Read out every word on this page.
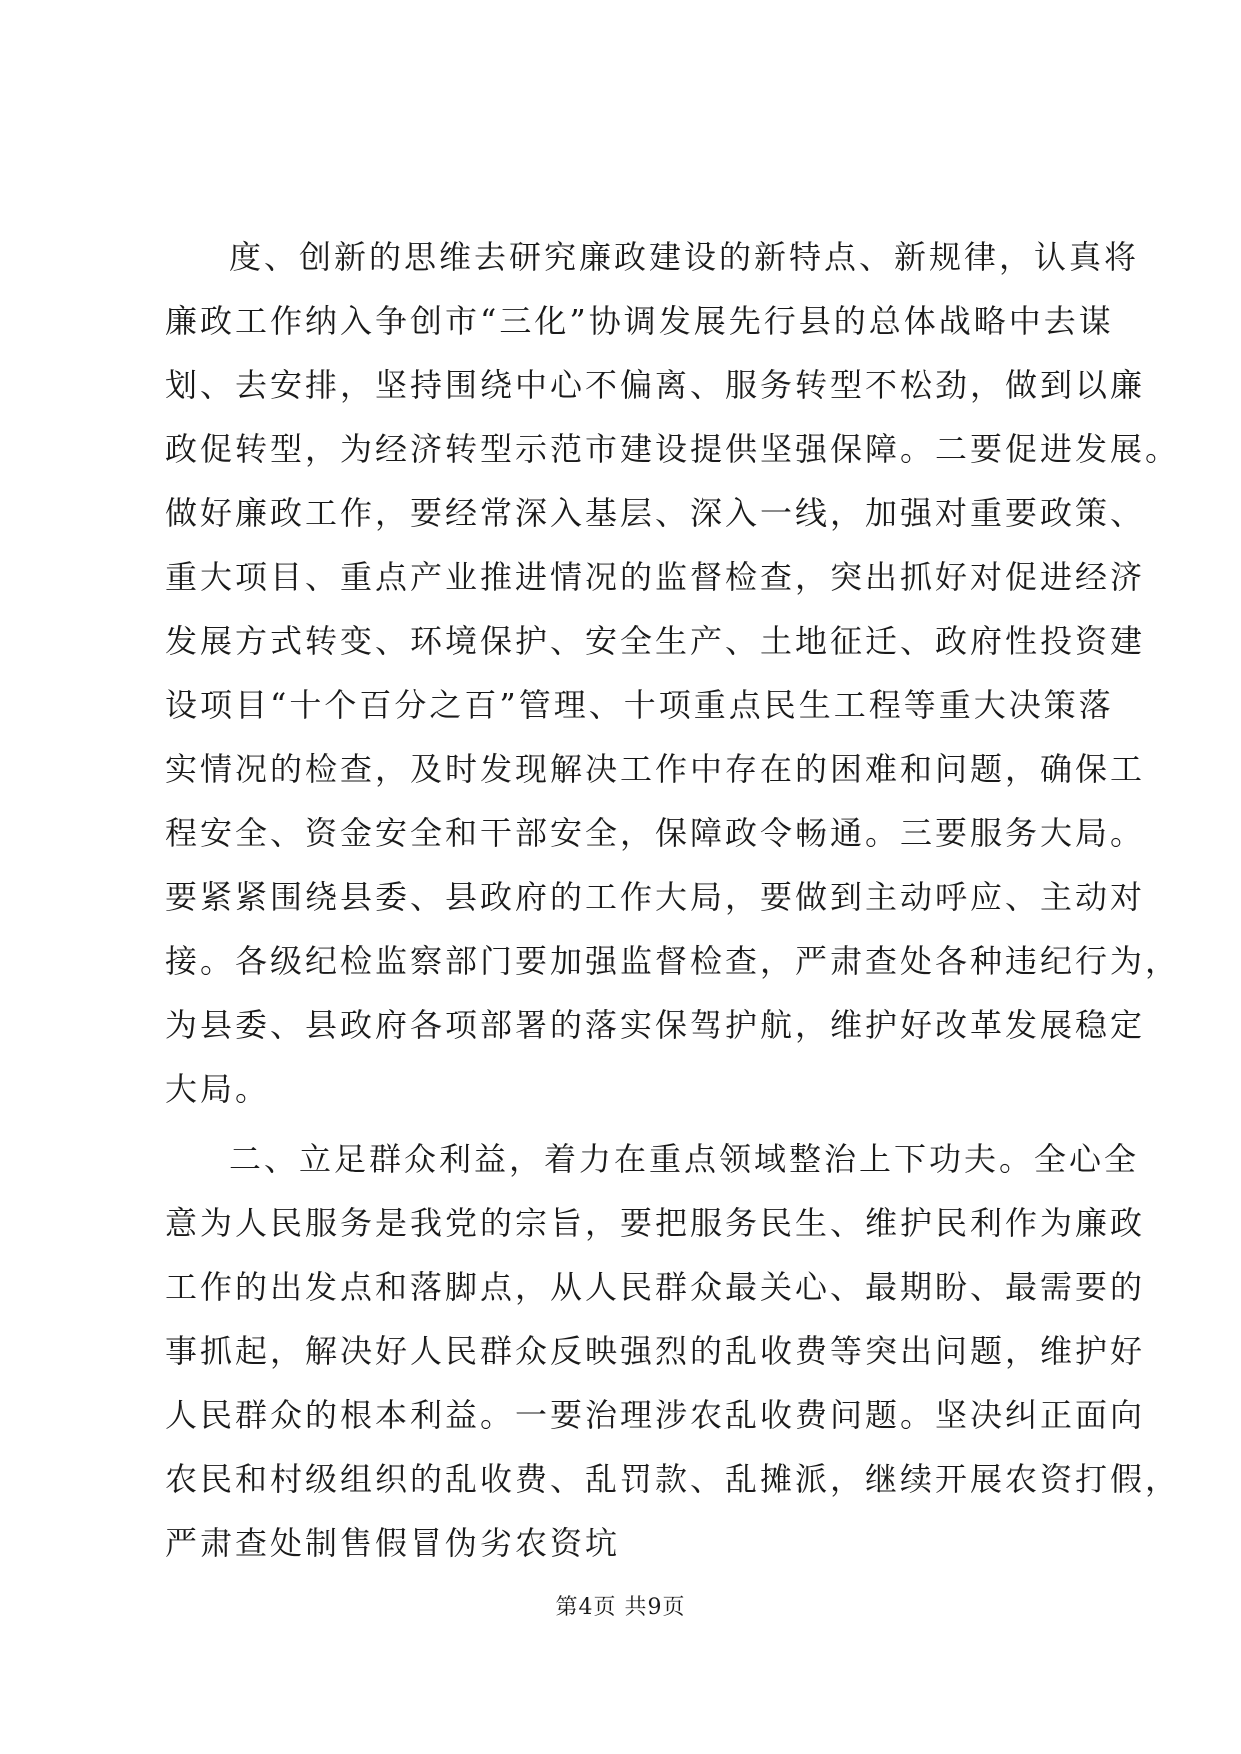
度、创新的思维去研究廉政建设的新特点、新规律，认真将

廉政工作纳入争创市“三化”协调发展先行县的总体战略中去谋

划、去安排，坚持围绕中心不偏离、服务转型不松劲，做到以廉

政促转型，为经济转型示范市建设提供坚强保障。二要促进发展。

做好廉政工作，要经常深入基层、深入一线，加强对重要政策、

重大项目、重点产业推进情况的监督检查，突出抓好对促进经济

发展方式转变、环境保护、安全生产、土地征迁、政府性投资建

设项目“十个百分之百”管理、十项重点民生工程等重大决策落

实情况的检查，及时发现解决工作中存在的困难和问题，确保工

程安全、资金安全和干部安全，保障政令畅通。三要服务大局。

要紧紧围绕县委、县政府的工作大局，要做到主动呼应、主动对

接。各级纪检监察部门要加强监督检查，严肃查处各种违纪行为，

为县委、县政府各项部署的落实保驾护航，维护好改革发展稳定

大局。

二、立足群众利益，着力在重点领域整治上下功夫。全心全

意为人民服务是我党的宗旨，要把服务民生、维护民利作为廉政

工作的出发点和落脚点，从人民群众最关心、最期盼、最需要的

事抓起，解决好人民群众反映强烈的乱收费等突出问题，维护好

人民群众的根本利益。一要治理涉农乱收费问题。坚决纠正面向

农民和村级组织的乱收费、乱罚款、乱摊派，继续开展农资打假，

严肃查处制售假冒伪劣农资坑

第4页 共9页
